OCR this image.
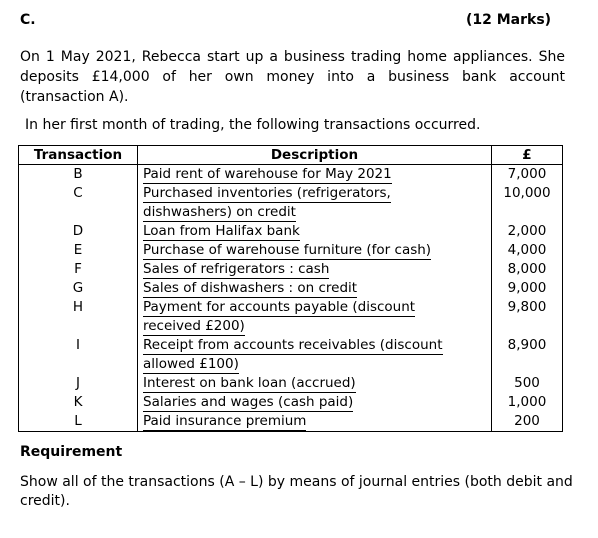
C.	(12 Marks)
On 1 May 2021, Rebecca start up a business trading home appliances. She deposits £14,000 of her own money into a business bank account (transaction A).
In her first month of trading, the following transactions occurred.
Transaction	Description	£
B	Paid rent of warehouse for May 2021	7,000
C	Purchased inventories (refrigerators,
dishwashers) on credit	10,000
D	Loan from Halifax bank	2,000
E	Purchase of warehouse furniture (for cash)	4,000
F	Sales of refrigerators : cash	8,000
G	Sales of dishwashers : on credit	9,000
H	Payment for accounts payable (discount
received £200)	9,800
I	Receipt from accounts receivables (discount
allowed £100)	8,900
J	Interest on bank loan (accrued)	500
K	Salaries and wages (cash paid)	1,000
L	Paid insurance premium	200
Requirement
Show all of the transactions (A – L) by means of journal entries (both debit and credit).
